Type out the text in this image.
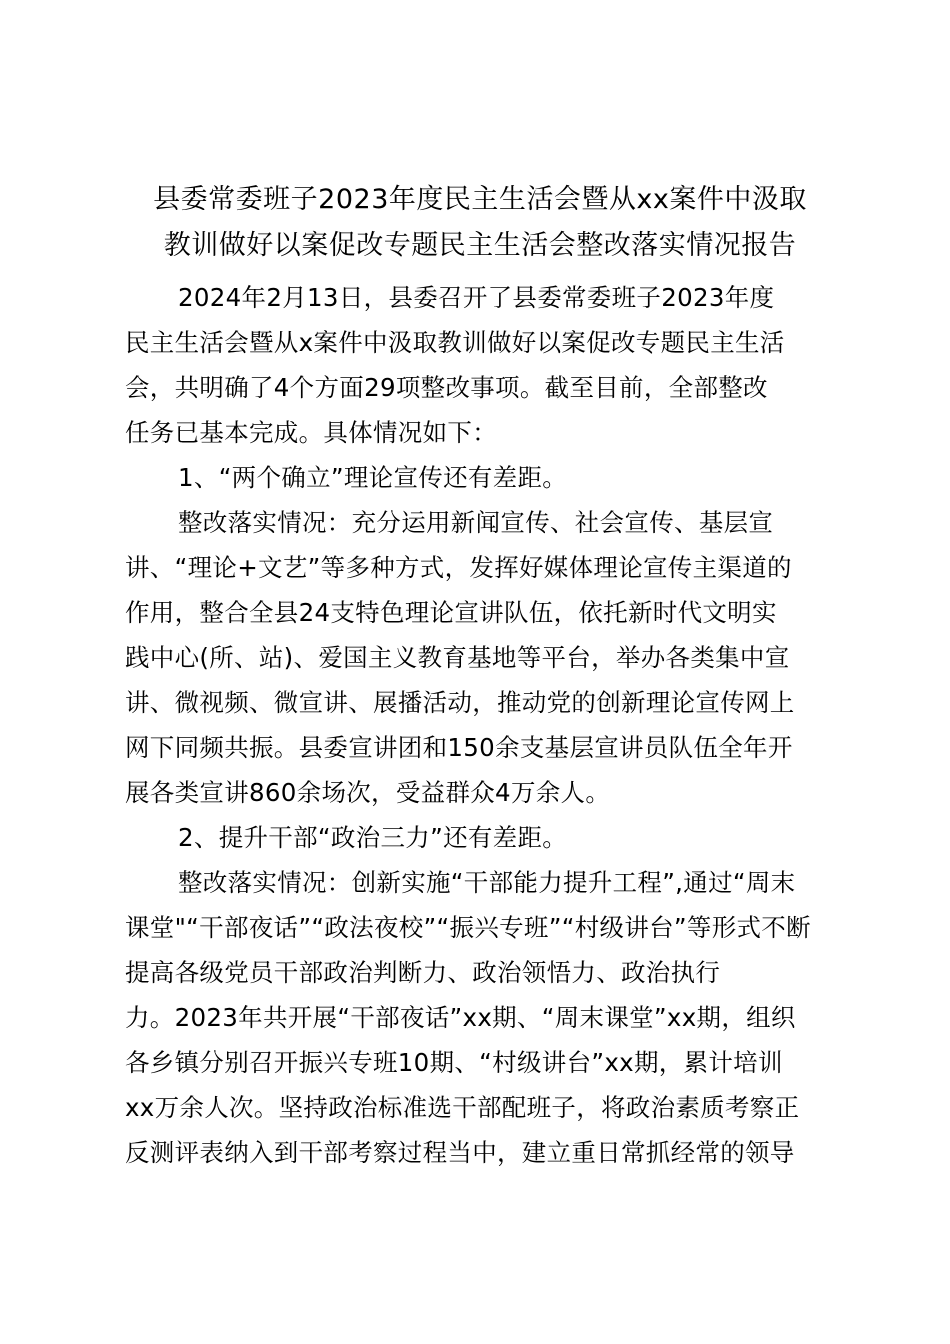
县委常委班子2023年度民主生活会暨从xx案件中汲取
教训做好以案促改专题民主生活会整改落实情况报告
2024年2月13日，县委召开了县委常委班子2023年度
民主生活会暨从x案件中汲取教训做好以案促改专题民主生活
会，共明确了4个方面29项整改事项。截至目前，全部整改
任务已基本完成。具体情况如下：
1、“两个确立”理论宣传还有差距。
整改落实情况：充分运用新闻宣传、社会宣传、基层宣
讲、“理论+文艺”等多种方式，发挥好媒体理论宣传主渠道的
作用，整合全县24支特色理论宣讲队伍，依托新时代文明实
践中心(所、站)、爱国主义教育基地等平台，举办各类集中宣
讲、微视频、微宣讲、展播活动，推动党的创新理论宣传网上
网下同频共振。县委宣讲团和150余支基层宣讲员队伍全年开
展各类宣讲860余场次，受益群众4万余人。
2、提升干部“政治三力”还有差距。
整改落实情况：创新实施“干部能力提升工程”,通过“周末
课堂"“干部夜话”“政法夜校”“振兴专班”“村级讲台”等形式不断
提高各级党员干部政治判断力、政治领悟力、政治执行
力。2023年共开展“干部夜话”xx期、“周末课堂”xx期，组织
各乡镇分别召开振兴专班10期、“村级讲台”xx期，累计培训
xx万余人次。坚持政治标准选干部配班子，将政治素质考察正
反测评表纳入到干部考察过程当中，建立重日常抓经常的领导
